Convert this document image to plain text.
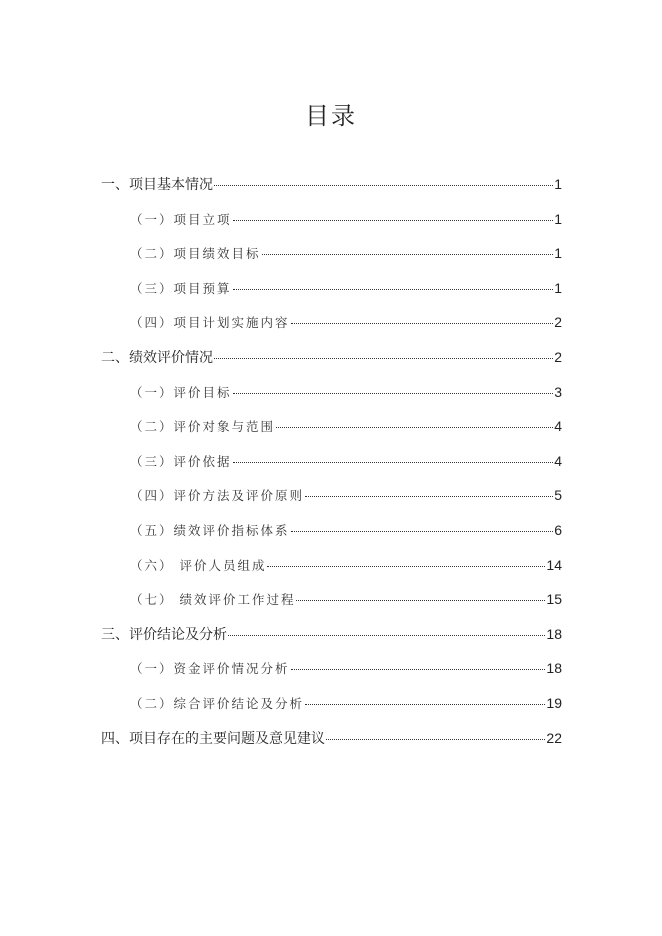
目录
一、项目基本情况	1
（一）项目立项	1
（二）项目绩效目标	1
（三）项目预算	1
（四）项目计划实施内容	2
二、绩效评价情况	2
（一）评价目标	3
（二）评价对象与范围	4
（三）评价依据	4
（四）评价方法及评价原则	5
（五）绩效评价指标体系	6
（六） 评价人员组成	14
（七） 绩效评价工作过程	15
三、评价结论及分析	18
（一）资金评价情况分析	18
（二）综合评价结论及分析	19
四、项目存在的主要问题及意见建议	22
